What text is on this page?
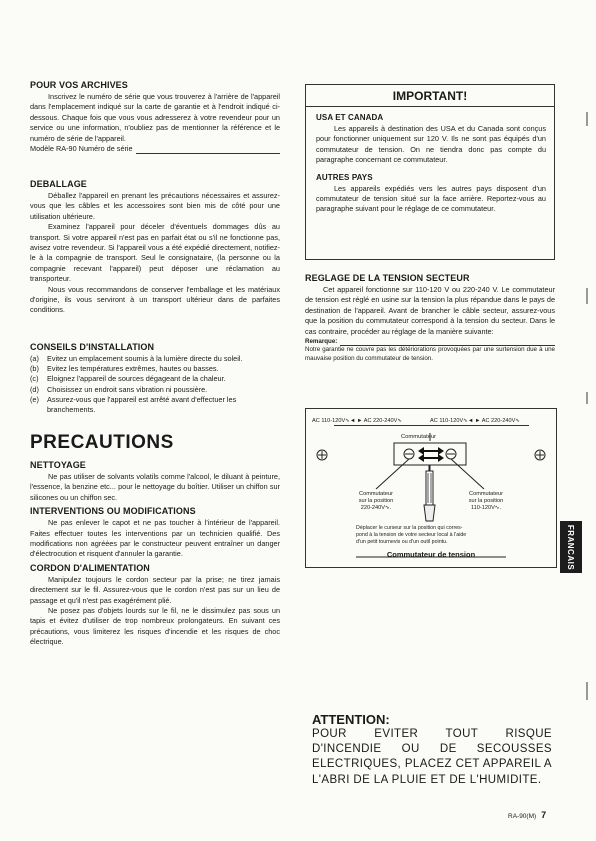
POUR VOS ARCHIVES

Inscrivez le numéro de série que vous trouverez à l'arrière de l'appareil dans l'emplacement indiqué sur la carte de garantie et à l'endroit indiqué ci-dessous. Chaque fois que vous vous adresserez à votre revendeur pour un service ou une information, n'oubliez pas de mentionner la référence et le numéro de série de l'appareil.

Modèle RA-90 Numéro de série

DEBALLAGE

Déballez l'appareil en prenant les précautions nécessaires et assurez-vous que les câbles et les accessoires sont bien mis de côté pour une utilisation ultérieure.

Examinez l'appareil pour déceler d'éventuels dommages dûs au transport. Si votre appareil n'est pas en parfait état ou s'il ne fonctionne pas, avisez votre revendeur. Si l'appareil vous a été expédié directement, notifiez-le à la compagnie de transport. Seul le consignataire, (la personne ou la compagnie recevant l'appareil) peut déposer une réclamation au transporteur.

Nous vous recommandons de conserver l'emballage et les matériaux d'origine, ils vous serviront à un transport ultérieur dans de parfaites conditions.

CONSEILS D'INSTALLATION

(a)	Evitez un emplacement soumis à la lumière directe du soleil.
(b)	Evitez les températures extrêmes, hautes ou basses.
(c)	Eloignez l'appareil de sources dégageant de la chaleur.
(d)	Choisissez un endroit sans vibration ni poussière.
(e)	Assurez-vous que l'appareil est arrêté avant d'effectuer les branchements.

PRECAUTIONS

NETTOYAGE

Ne pas utiliser de solvants volatils comme l'alcool, le diluant à peinture, l'essence, la benzine etc... pour le nettoyage du boîtier. Utiliser un chiffon sur silicones ou un chiffon sec.

INTERVENTIONS OU MODIFICATIONS

Ne pas enlever le capot et ne pas toucher à l'intérieur de l'appareil. Faites effectuer toutes les interventions par un technicien qualifié. Des modifications non agréées par le constructeur peuvent entraîner un danger d'électrocution et risquent d'annuler la garantie.

CORDON D'ALIMENTATION

Manipulez toujours le cordon secteur par la prise; ne tirez jamais directement sur le fil. Assurez-vous que le cordon n'est pas sur un lieu de passage et qu'il n'est pas exagérément plié.

Ne posez pas d'objets lourds sur le fil, ne le dissimulez pas sous un tapis et évitez d'utiliser de trop nombreux prolongateurs. En suivant ces précautions, vous limiterez les risques d'incendie et les risques de choc électrique.

IMPORTANT!

USA ET CANADA

Les appareils à destination des USA et du Canada sont conçus pour fonctionner uniquement sur 120 V. Ils ne sont pas équipés d'un commutateur de tension. On ne tiendra donc pas compte du paragraphe concernant ce commutateur.

AUTRES PAYS

Les appareils expédiés vers les autres pays disposent d'un commutateur de tension situé sur la face arrière. Reportez-vous au paragraphe suivant pour le réglage de ce commutateur.

REGLAGE DE LA TENSION SECTEUR

Cet appareil fonctionne sur 110-120 V ou 220-240 V. Le commutateur de tension est réglé en usine sur la tension la plus répandue dans le pays de destination de l'appareil. Avant de brancher le câble secteur, assurez-vous que la position du commutateur correspond à la tension du secteur. Dans le cas contraire, procéder au réglage de la manière suivante:

Remarque:

Notre garantie ne couvre pas les détériorations provoquées par une surtension due à une mauvaise position du commutateur de tension.

AC 110-120V∿◄ ► AC 220-240V∿	AC 110-120V∿◄ ► AC 220-240V∿
Commutateur
Commutateur
sur la position
220-240V∿.
Commutateur
sur la position
110-120V∿.
Déplacer le curseur sur la position qui corres-
pond à la tension de votre secteur local à l'aide
d'un petit tournevis ou d'un outil pointu.
Commutateur de tension	FRANCAIS

ATTENTION:

POUR EVITER TOUT RISQUE D'INCENDIE OU DE SECOUSSES ELECTRIQUES, PLACEZ CET APPAREIL A L'ABRI DE LA PLUIE ET DE L'HUMIDITE.

RA-90(M) 7
